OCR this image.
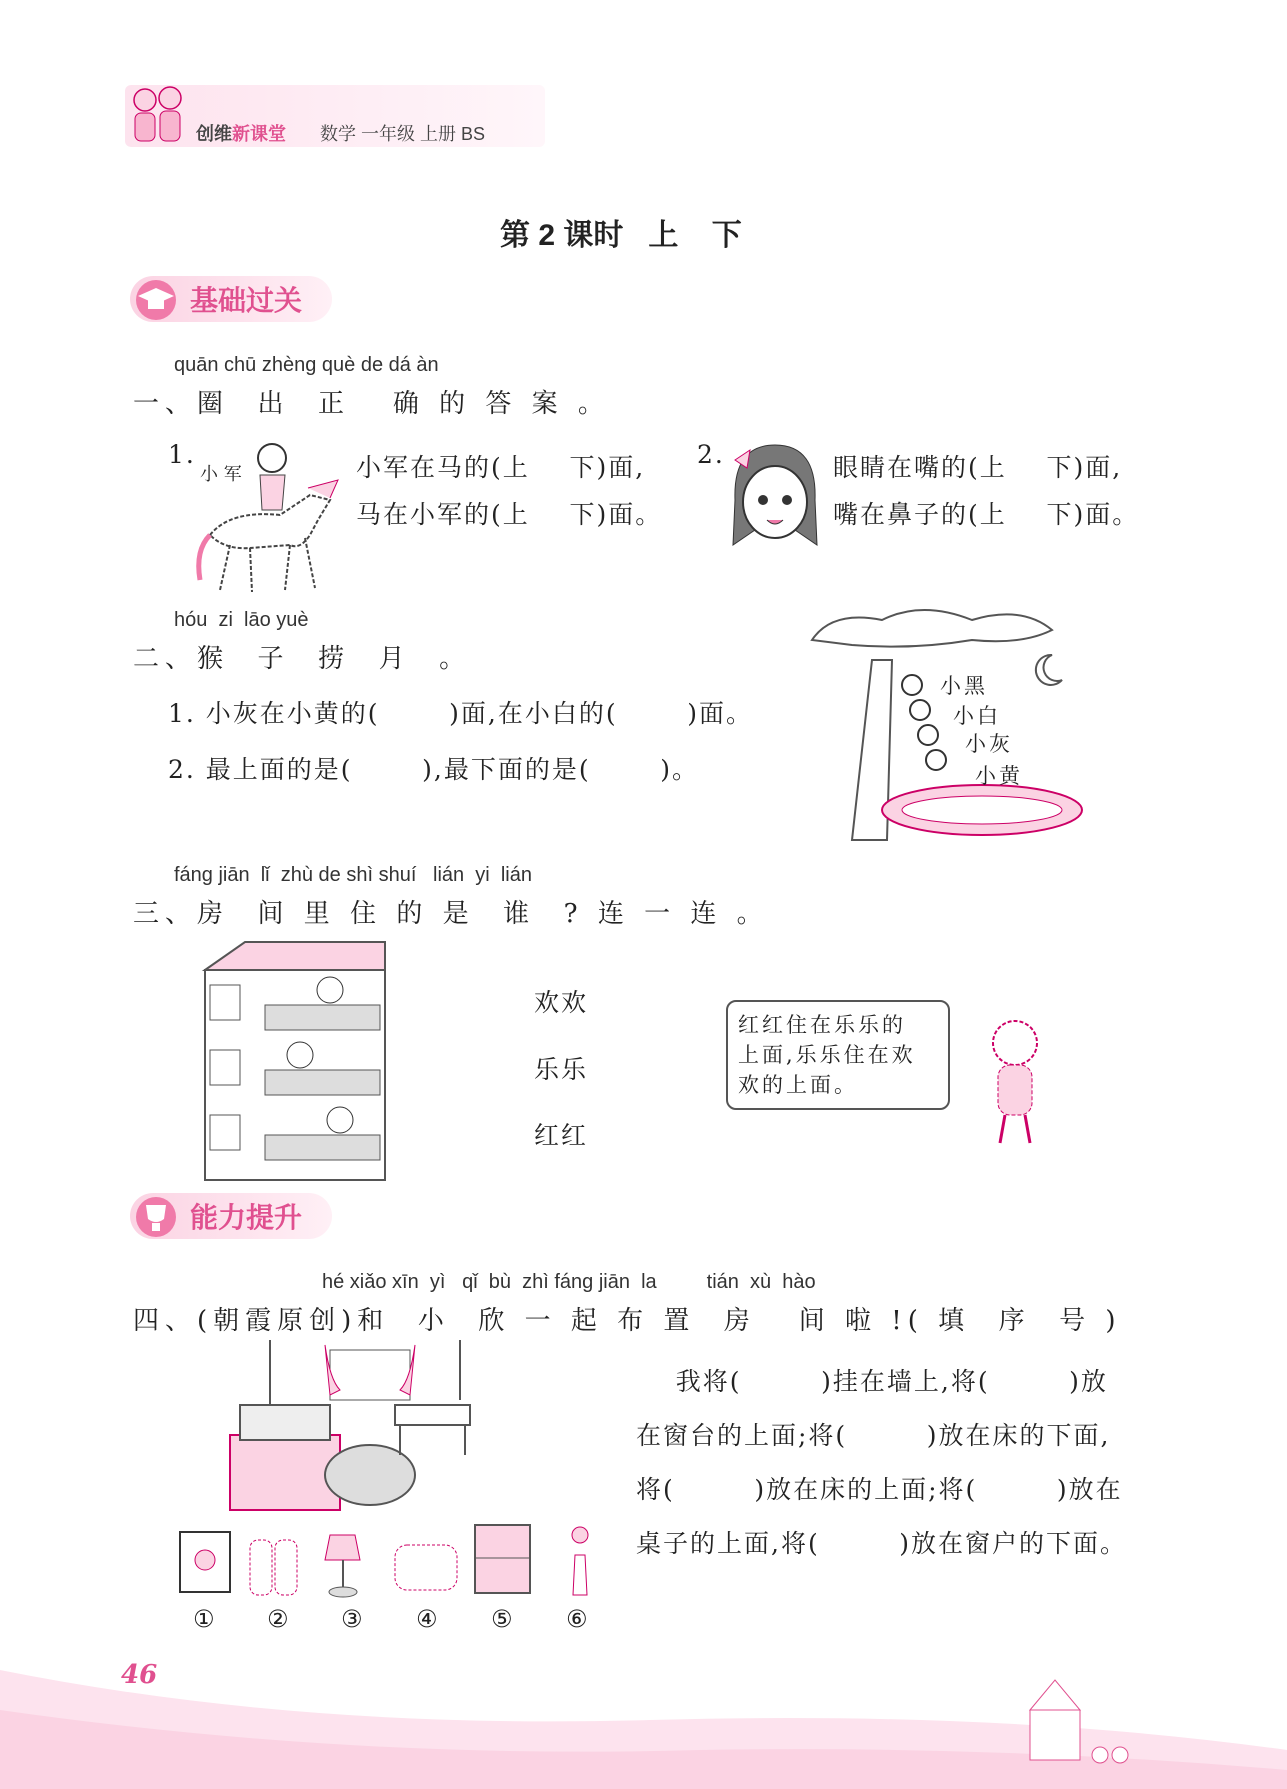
创维新课堂 数学 一年级 上册 BS
第 2 课时   上    下
基础过关
quān chū zhèng què de dá àn
一、圈  出  正   确 的 答 案 。
1.
小 军	小军在马的(上    下)面,
马在小军的(上    下)面。
2.	眼睛在嘴的(上    下)面,
嘴在鼻子的(上    下)面。
hóu  zi  lāo yuè
二、猴  子  捞  月  。
1. 小灰在小黄的(       )面,在小白的(       )面。
2. 最上面的是(       ),最下面的是(       )。
小黑
小白
小灰
小黄
fáng jiān  lǐ  zhù de shì shuí   lián  yi  lián
三、房  间 里 住 的 是  谁  ? 连 一 连 。
欢欢
乐乐
红红
红红住在乐乐的
上面,乐乐住在欢
欢的上面。
能力提升
hé xiǎo xīn  yì   qǐ  bù  zhì fáng jiān  la         tián  xù  hào
四、(朝霞原创)和  小  欣 一 起 布 置  房   间 啦 !( 填  序  号 )
① ② ③ ④ ⑤ ⑥
我将(        )挂在墙上,将(        )放
在窗台的上面;将(        )放在床的下面,
将(        )放在床的上面;将(        )放在
桌子的上面,将(        )放在窗户的下面。
46
